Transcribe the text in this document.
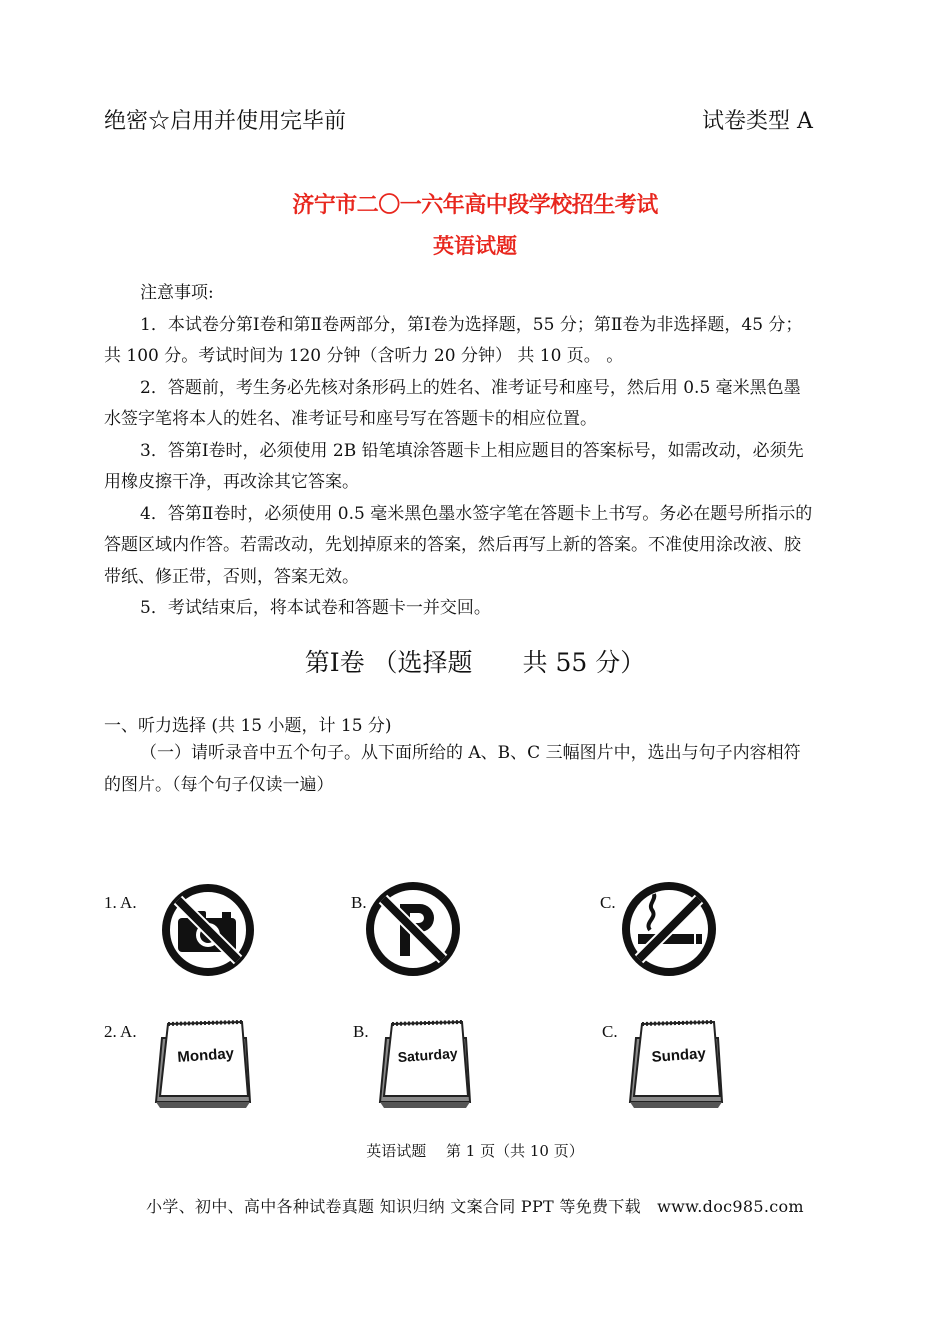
绝密☆启用并使用完毕前	试卷类型 A
济宁市二〇一六年高中段学校招生考试
英语试题

注意事项:

1．本试卷分第Ⅰ卷和第Ⅱ卷两部分，第Ⅰ卷为选择题，55 分；第Ⅱ卷为非选择题，45 分；共 100 分。考试时间为 120 分钟（含听力 20 分钟） 共 10 页。 。

2．答题前，考生务必先核对条形码上的姓名、准考证号和座号，然后用 0.5 毫米黑色墨水签字笔将本人的姓名、准考证号和座号写在答题卡的相应位置。

3．答第Ⅰ卷时，必须使用 2B 铅笔填涂答题卡上相应题目的答案标号，如需改动，必须先用橡皮擦干净，再改涂其它答案。

4．答第Ⅱ卷时，必须使用 0.5 毫米黑色墨水签字笔在答题卡上书写。务必在题号所指示的答题区域内作答。若需改动，先划掉原来的答案，然后再写上新的答案。不准使用涂改液、胶带纸、修正带，否则，答案无效。

5．考试结束后，将本试卷和答题卡一并交回。

第Ⅰ卷 （选择题　　共 55 分）
一、听力选择 (共 15 小题，计 15 分)
（一）请听录音中五个句子。从下面所给的 A、B、C 三幅图片中，选出与句子内容相符的图片。（每个句子仅读一遍）
1. A.	B.	C.
2. A.	B.	C.
Monday	Saturday	Sunday
英语试题　 第 1 页（共 10 页）
小学、初中、高中各种试卷真题 知识归纳 文案合同 PPT 等免费下载　www.doc985.com
